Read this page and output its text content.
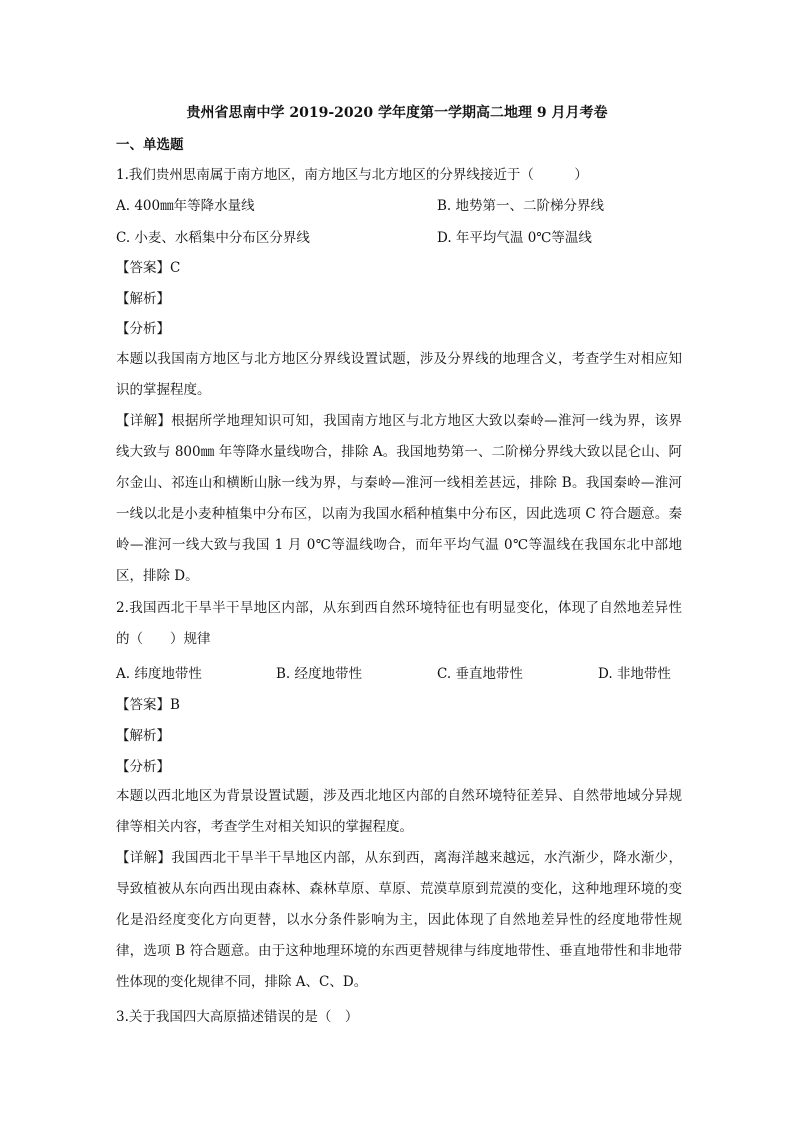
贵州省思南中学 2019-2020 学年度第一学期高二地理 9 月月考卷
一、单选题
1.我们贵州思南属于南方地区，南方地区与北方地区的分界线接近于（　　　）
A. 400㎜年等降水量线	B. 地势第一、二阶梯分界线
C. 小麦、水稻集中分布区分界线	D. 年平均气温 0℃等温线
【答案】C
【解析】
【分析】
本题以我国南方地区与北方地区分界线设置试题，涉及分界线的地理含义，考查学生对相应知识的掌握程度。
【详解】根据所学地理知识可知，我国南方地区与北方地区大致以秦岭—淮河一线为界，该界线大致与 800㎜ 年等降水量线吻合，排除 A。我国地势第一、二阶梯分界线大致以昆仑山、阿尔金山、祁连山和横断山脉一线为界，与秦岭—淮河一线相差甚远，排除 B。我国秦岭—淮河一线以北是小麦种植集中分布区，以南为我国水稻种植集中分布区，因此选项 C 符合题意。秦岭—淮河一线大致与我国 1 月 0℃等温线吻合，而年平均气温 0℃等温线在我国东北中部地区，排除 D。
2.我国西北干旱半干旱地区内部，从东到西自然环境特征也有明显变化，体现了自然地差异性的（　　）规律
A. 纬度地带性	B. 经度地带性	C. 垂直地带性	D. 非地带性
【答案】B
【解析】
【分析】
本题以西北地区为背景设置试题，涉及西北地区内部的自然环境特征差异、自然带地域分异规律等相关内容，考查学生对相关知识的掌握程度。
【详解】我国西北干旱半干旱地区内部，从东到西，离海洋越来越远，水汽渐少，降水渐少，导致植被从东向西出现由森林、森林草原、草原、荒漠草原到荒漠的变化，这种地理环境的变化是沿经度变化方向更替，以水分条件影响为主，因此体现了自然地差异性的经度地带性规律，选项 B 符合题意。由于这种地理环境的东西更替规律与纬度地带性、垂直地带性和非地带性体现的变化规律不同，排除 A、C、D。
3.关于我国四大高原描述错误的是（　）
